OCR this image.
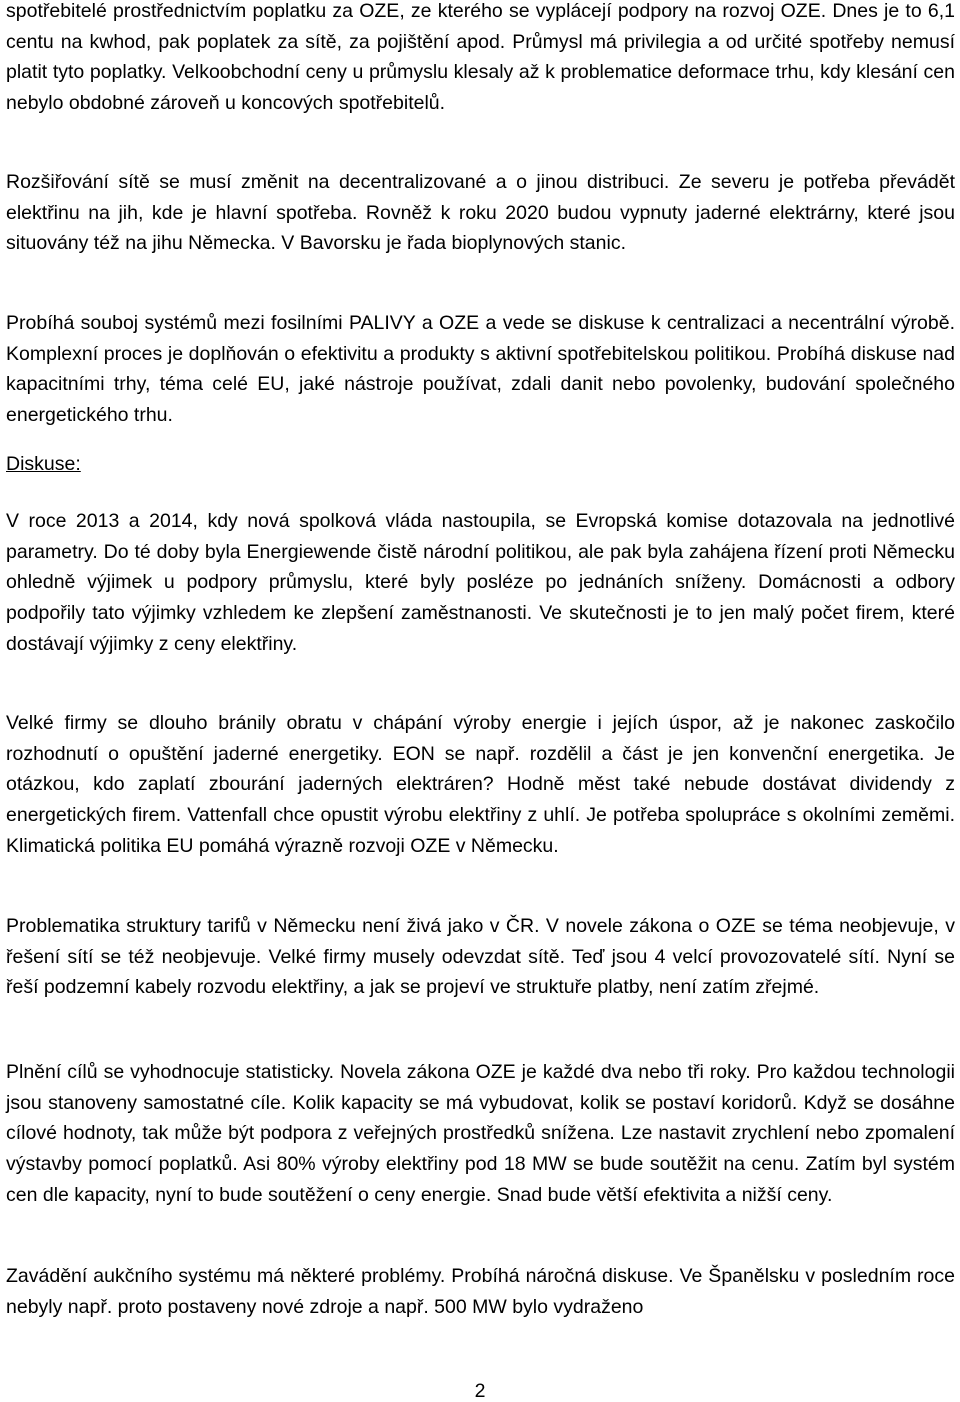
spotřebitelé prostřednictvím poplatku za OZE, ze kterého se vyplácejí podpory na rozvoj OZE. Dnes je to 6,1 centu na kwhod, pak poplatek za sítě, za pojištění apod. Průmysl má privilegia a od určité spotřeby nemusí platit tyto poplatky. Velkoobchodní ceny u průmyslu klesaly až k problematice deformace trhu, kdy klesání cen nebylo obdobné zároveň u koncových spotřebitelů.

Rozšiřování sítě se musí změnit na decentralizované a o jinou distribuci. Ze severu je potřeba převádět elektřinu na jih, kde je hlavní spotřeba. Rovněž k roku 2020 budou vypnuty jaderné elektrárny, které jsou situovány též na jihu Německa. V Bavorsku je řada bioplynových stanic.

Probíhá souboj systémů mezi fosilními PALIVY a OZE a vede se diskuse k centralizaci a necentrální výrobě. Komplexní proces je doplňován o efektivitu a produkty s aktivní spotřebitelskou politikou. Probíhá diskuse nad kapacitními trhy, téma celé EU, jaké nástroje používat, zdali danit nebo povolenky, budování společného energetického trhu.

Diskuse:

V roce 2013 a 2014, kdy nová spolková vláda nastoupila, se Evropská komise dotazovala na jednotlivé parametry. Do té doby byla Energiewende čistě národní politikou, ale pak byla zahájena řízení proti Německu ohledně výjimek u podpory průmyslu, které byly posléze po jednáních sníženy. Domácnosti a odbory podpořily tato výjimky vzhledem ke zlepšení zaměstnanosti. Ve skutečnosti je to jen malý počet firem, které dostávají výjimky z ceny elektřiny.

Velké firmy se dlouho bránily obratu v chápání výroby energie i jejích úspor, až je nakonec zaskočilo rozhodnutí o opuštění jaderné energetiky. EON se např. rozdělil a část je jen konvenční energetika. Je otázkou, kdo zaplatí zbourání jaderných elektráren? Hodně měst také nebude dostávat dividendy z energetických firem. Vattenfall chce opustit výrobu elektřiny z uhlí. Je potřeba spolupráce s okolními zeměmi. Klimatická politika EU pomáhá výrazně rozvoji OZE v Německu.

Problematika struktury tarifů v Německu není živá jako v ČR. V novele zákona o OZE se téma neobjevuje, v řešení sítí se též neobjevuje. Velké firmy musely odevzdat sítě. Teď jsou 4 velcí provozovatelé sítí. Nyní se řeší podzemní kabely rozvodu elektřiny, a jak se projeví ve struktuře platby, není zatím zřejmé.

Plnění cílů se vyhodnocuje statisticky. Novela zákona OZE je každé dva nebo tři roky. Pro každou technologii jsou stanoveny samostatné cíle. Kolik kapacity se má vybudovat, kolik se postaví koridorů. Když se dosáhne cílové hodnoty, tak může být podpora z veřejných prostředků snížena. Lze nastavit zrychlení nebo zpomalení výstavby pomocí poplatků. Asi 80% výroby elektřiny pod 18 MW se bude soutěžit na cenu. Zatím byl systém cen dle kapacity, nyní to bude soutěžení o ceny energie. Snad bude větší efektivita a nižší ceny.

Zavádění aukčního systému má některé problémy. Probíhá náročná diskuse. Ve Španělsku v posledním roce nebyly např. proto postaveny nové zdroje a např. 500 MW bylo vydraženo

2
